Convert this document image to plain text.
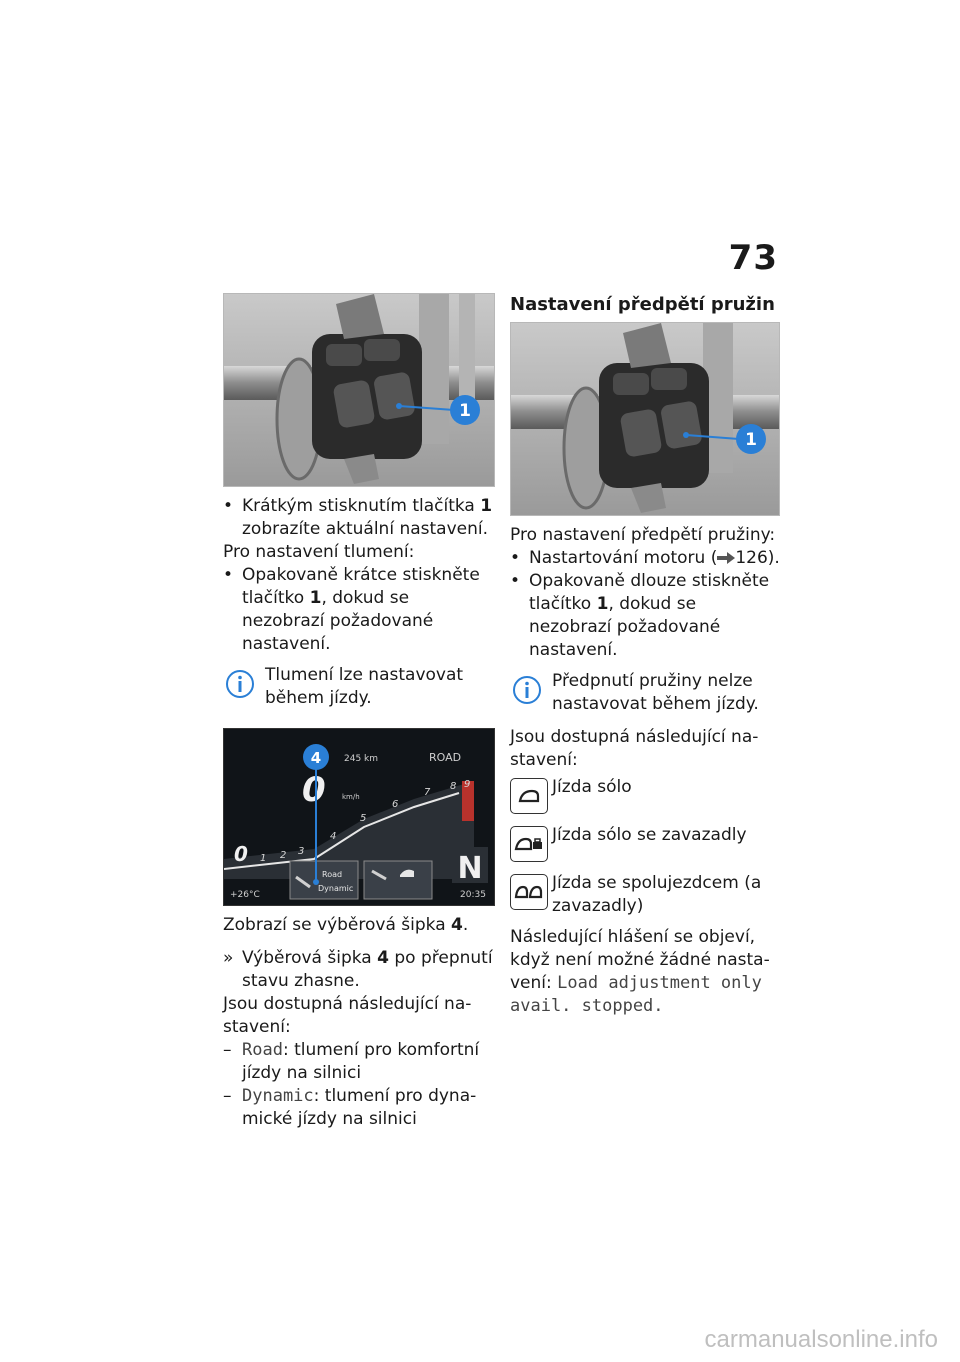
73
1

• Krátkým stisknutím tlačítka 1 zobrazíte aktuální nastavení.

Pro nastavení tlumení:

• Opakovaně krátce stiskněte tlačítko 1, dokud se nezobrazí požadované nastavení.

Tlumení lze nastavovat během jízdy.
245 km	ROAD
0 km/h
1 2 3
4
5
6
7
8 9
0	N
Road
Dynamic
+26°C	20:35
4

Zobrazí se výběrová šipka 4.

» Výběrová šipka 4 po přepnutí stavu zhasne.

Jsou dostupná následující na-stavení:

– Road: tlumení pro komfortní jízdy na silnici

– Dynamic: tlumení pro dyna-mické jízdy na silnici

Nastavení předpětí pružin

1

Pro nastavení předpětí pružiny:

• Nastartování motoru ( 126).

• Opakovaně dlouze stiskněte tlačítko 1, dokud se nezobrazí požadované nastavení.

Předpnutí pružiny nelze nastavovat během jízdy.

Jsou dostupná následující na-stavení:

Jízda sólo
Jízda sólo se zavazadly
Jízda se spolujezdcem (a zavazadly)

Následující hlášení se objeví, když není možné žádné nasta-vení: Load adjustment only avail. stopped.

carmanualsonline.info
